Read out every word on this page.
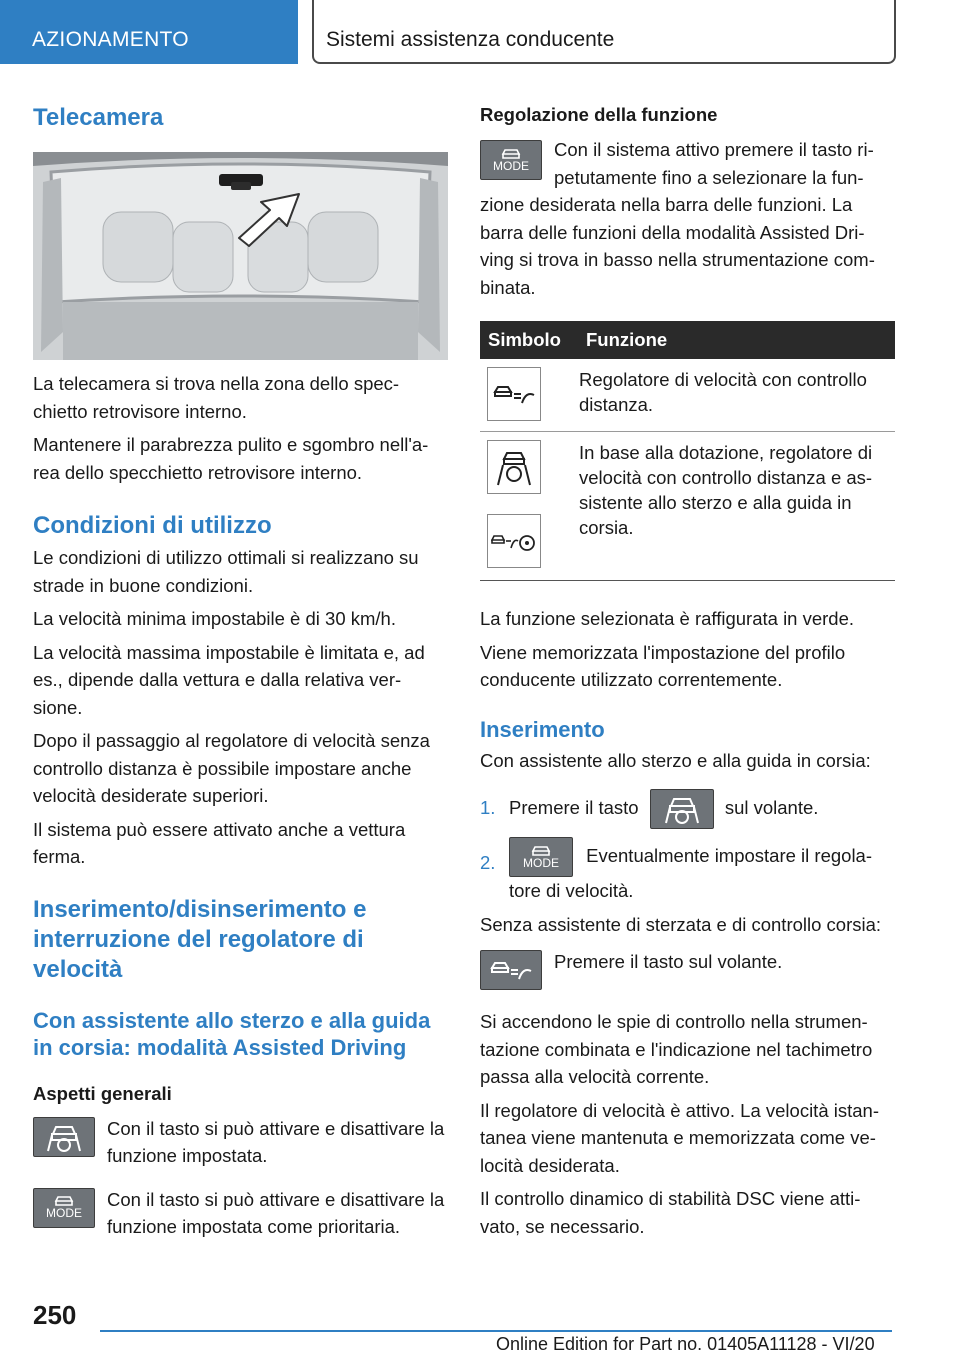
AZIONAMENTO	Sistemi assistenza conducente
Telecamera

La telecamera si trova nella zona dello spec-chietto retrovisore interno.

Mantenere il parabrezza pulito e sgombro nell'a-rea dello specchietto retrovisore interno.

Condizioni di utilizzo

Le condizioni di utilizzo ottimali si realizzano su strade in buone condizioni.

La velocità minima impostabile è di 30 km/h.

La velocità massima impostabile è limitata e, ad es., dipende dalla vettura e dalla relativa ver-sione.

Dopo il passaggio al regolatore di velocità senza controllo distanza è possibile impostare anche velocità desiderate superiori.

Il sistema può essere attivato anche a vettura ferma.

Inserimento/disinserimento e interruzione del regolatore di velocità
Con assistente allo sterzo e alla guida in corsia: modalità Assisted Driving
Aspetti generali

Con il tasto si può attivare e disattivare la funzione impostata.

MODE

Con il tasto si può attivare e disattivare la funzione impostata come prioritaria.

Regolazione della funzione
MODE

Con il sistema attivo premere il tasto ri-petutamente fino a selezionare la fun-zione desiderata nella barra delle funzioni. La barra delle funzioni della modalità Assisted Dri-ving si trova in basso nella strumentazione com-binata.

Simbolo	Funzione

	Regolatore di velocità con controllo distanza.

	In base alla dotazione, regolatore di velocità con controllo distanza e as-sistente allo sterzo e alla guida in corsia.

La funzione selezionata è raffigurata in verde.

Viene memorizzata l'impostazione del profilo conducente utilizzato correntemente.

Inserimento

Con assistente allo sterzo e alla guida in corsia:

1. Premere il tasto	sul volante.
2. MODE Eventualmente impostare il regola-tore di velocità.

Senza assistente di sterzata e di controllo corsia:

Premere il tasto sul volante.

Si accendono le spie di controllo nella strumen-tazione combinata e l'indicazione nel tachimetro passa alla velocità corrente.

Il regolatore di velocità è attivo. La velocità istan-tanea viene mantenuta e memorizzata come ve-locità desiderata.

Il controllo dinamico di stabilità DSC viene atti-vato, se necessario.

250
Online Edition for Part no. 01405A11128 - VI/20
